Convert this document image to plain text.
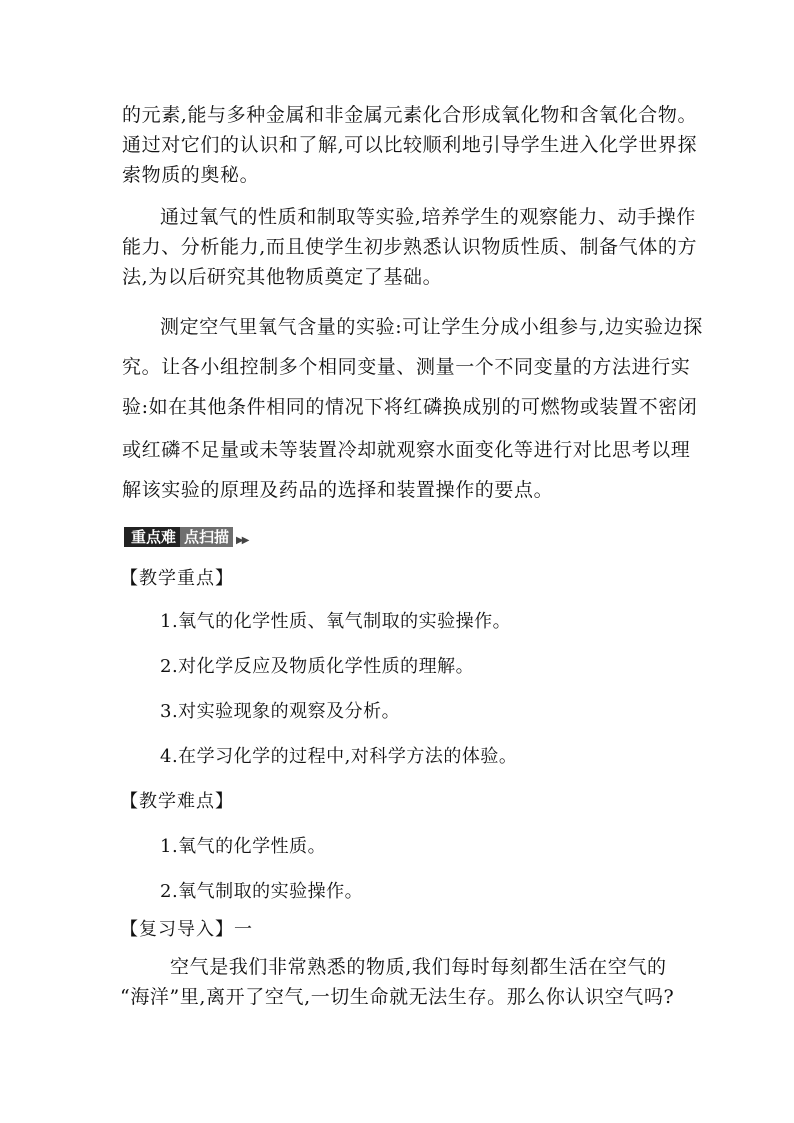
的元素,能与多种金属和非金属元素化合形成氧化物和含氧化合物。
通过对它们的认识和了解,可以比较顺利地引导学生进入化学世界探
索物质的奥秘。
通过氧气的性质和制取等实验,培养学生的观察能力、动手操作
能力、分析能力,而且使学生初步熟悉认识物质性质、制备气体的方
法,为以后研究其他物质奠定了基础。
测定空气里氧气含量的实验:可让学生分成小组参与,边实验边探
究。让各小组控制多个相同变量、测量一个不同变量的方法进行实
验:如在其他条件相同的情况下将红磷换成别的可燃物或装置不密闭
或红磷不足量或未等装置冷却就观察水面变化等进行对比思考以理
解该实验的原理及药品的选择和装置操作的要点。
重点难 点扫描 ▶▶
【教学重点】
1.氧气的化学性质、氧气制取的实验操作。
2.对化学反应及物质化学性质的理解。
3.对实验现象的观察及分析。
4.在学习化学的过程中,对科学方法的体验。
【教学难点】
1.氧气的化学性质。
2.氧气制取的实验操作。
【复习导入】一
空气是我们非常熟悉的物质,我们每时每刻都生活在空气的
“海洋”里,离开了空气,一切生命就无法生存。那么你认识空气吗?
